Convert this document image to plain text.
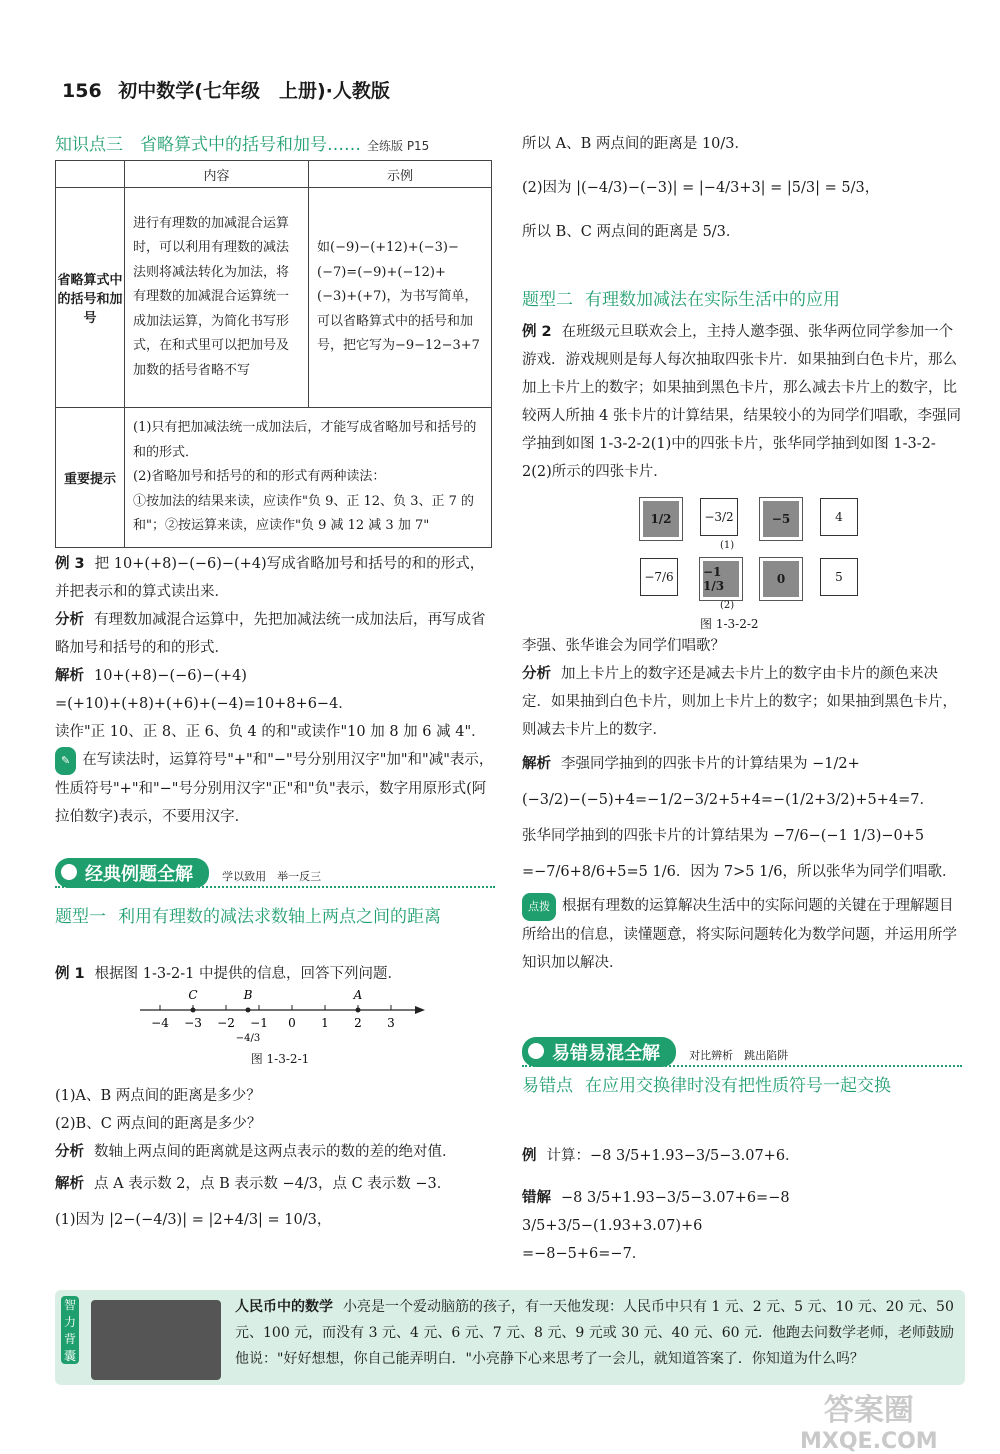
156 初中数学(七年级　上册)·人教版
知识点三　省略算式中的括号和加号…… 全练版 P15
	内容	示例
省略算式中的括号和加号	进行有理数的加减混合运算时，可以利用有理数的减法法则将减法转化为加法，将有理数的加减混合运算统一成加法运算，为简化书写形式，在和式里可以把加号及加数的括号省略不写	如(−9)−(+12)+(−3)−(−7)=(−9)+(−12)+(−3)+(+7)，为书写简单，可以省略算式中的括号和加号，把它写为−9−12−3+7
重要提示	(1)只有把加减法统一成加法后，才能写成省略加号和括号的和的形式．
(2)省略加号和括号的和的形式有两种读法：
①按加法的结果来读，应读作"负 9、正 12、负 3、正 7 的和"；②按运算来读，应读作"负 9 减 12 减 3 加 7"	
例 3 把 10+(+8)−(−6)−(+4)写成省略加号和括号的和的形式，并把表示和的算式读出来．
分析 有理数加减混合运算中，先把加减法统一成加法后，再写成省略加号和括号的和的形式．
解析 10+(+8)−(−6)−(+4)
=(+10)+(+8)+(+6)+(−4)=10+8+6−4．
读作"正 10、正 8、正 6、负 4 的和"或读作"10 加 8 加 6 减 4"．
✎ 在写读法时，运算符号"+"和"−"号分别用汉字"加"和"减"表示，性质符号"+"和"−"号分别用汉字"正"和"负"表示，数字用原形式(阿拉伯数字)表示，不要用汉字．
经典例题全解	学以致用　举一反三
题型一 利用有理数的减法求数轴上两点之间的距离
例 1 根据图 1-3-2-1 中提供的信息，回答下列问题．
−4 −3 −2 −1 0 1 2 3
C	B	A
−4/3
图 1-3-2-1
(1)A、B 两点间的距离是多少？
(2)B、C 两点间的距离是多少？
分析 数轴上两点间的距离就是这两点表示的数的差的绝对值．
解析 点 A 表示数 2，点 B 表示数 −4/3，点 C 表示数 −3．
(1)因为 |2−(−4/3)| = |2+4/3| = 10/3，
所以 A、B 两点间的距离是 10/3．
(2)因为 |(−4/3)−(−3)| = |−4/3+3| = |5/3| = 5/3，
所以 B、C 两点间的距离是 5/3．
题型二 有理数加减法在实际生活中的应用
例 2 在班级元旦联欢会上，主持人邀李强、张华两位同学参加一个游戏．游戏规则是每人每次抽取四张卡片．如果抽到白色卡片，那么加上卡片上的数字；如果抽到黑色卡片，那么减去卡片上的数字，比较两人所抽 4 张卡片的计算结果，结果较小的为同学们唱歌，李强同学抽到如图 1-3-2-2(1)中的四张卡片，张华同学抽到如图 1-3-2-2(2)所示的四张卡片．
1/2	−3/2	−5	4
(1)
−7/6	−1 1/3	0	5
(2)
图 1-3-2-2
李强、张华谁会为同学们唱歌？
分析 加上卡片上的数字还是减去卡片上的数字由卡片的颜色来决定．如果抽到白色卡片，则加上卡片上的数字；如果抽到黑色卡片，则减去卡片上的数字．
解析 李强同学抽到的四张卡片的计算结果为 −1/2+
(−3/2)−(−5)+4=−1/2−3/2+5+4=−(1/2+3/2)+5+4=7．
张华同学抽到的四张卡片的计算结果为 −7/6−(−1 1/3)−0+5
=−7/6+8/6+5=5 1/6．因为 7>5 1/6，所以张华为同学们唱歌．
点拨 根据有理数的运算解决生活中的实际问题的关键在于理解题目所给出的信息，读懂题意，将实际问题转化为数学问题，并运用所学知识加以解决．
易错易混全解	对比辨析　跳出陷阱
易错点 在应用交换律时没有把性质符号一起交换
例 计算：−8 3/5+1.93−3/5−3.07+6．
错解 −8 3/5+1.93−3/5−3.07+6=−8 3/5+3/5−(1.93+3.07)+6
=−8−5+6=−7．
智力背囊
人民币中的数学 小亮是一个爱动脑筋的孩子，有一天他发现：人民币中只有 1 元、2 元、5 元、10 元、20 元、50 元、100 元，而没有 3 元、4 元、6 元、7 元、8 元、9 元或 30 元、40 元、60 元．他跑去问数学老师，老师鼓励他说："好好想想，你自己能弄明白．"小亮静下心来思考了一会儿，就知道答案了．你知道为什么吗？
答案圈
MXQE.COM
